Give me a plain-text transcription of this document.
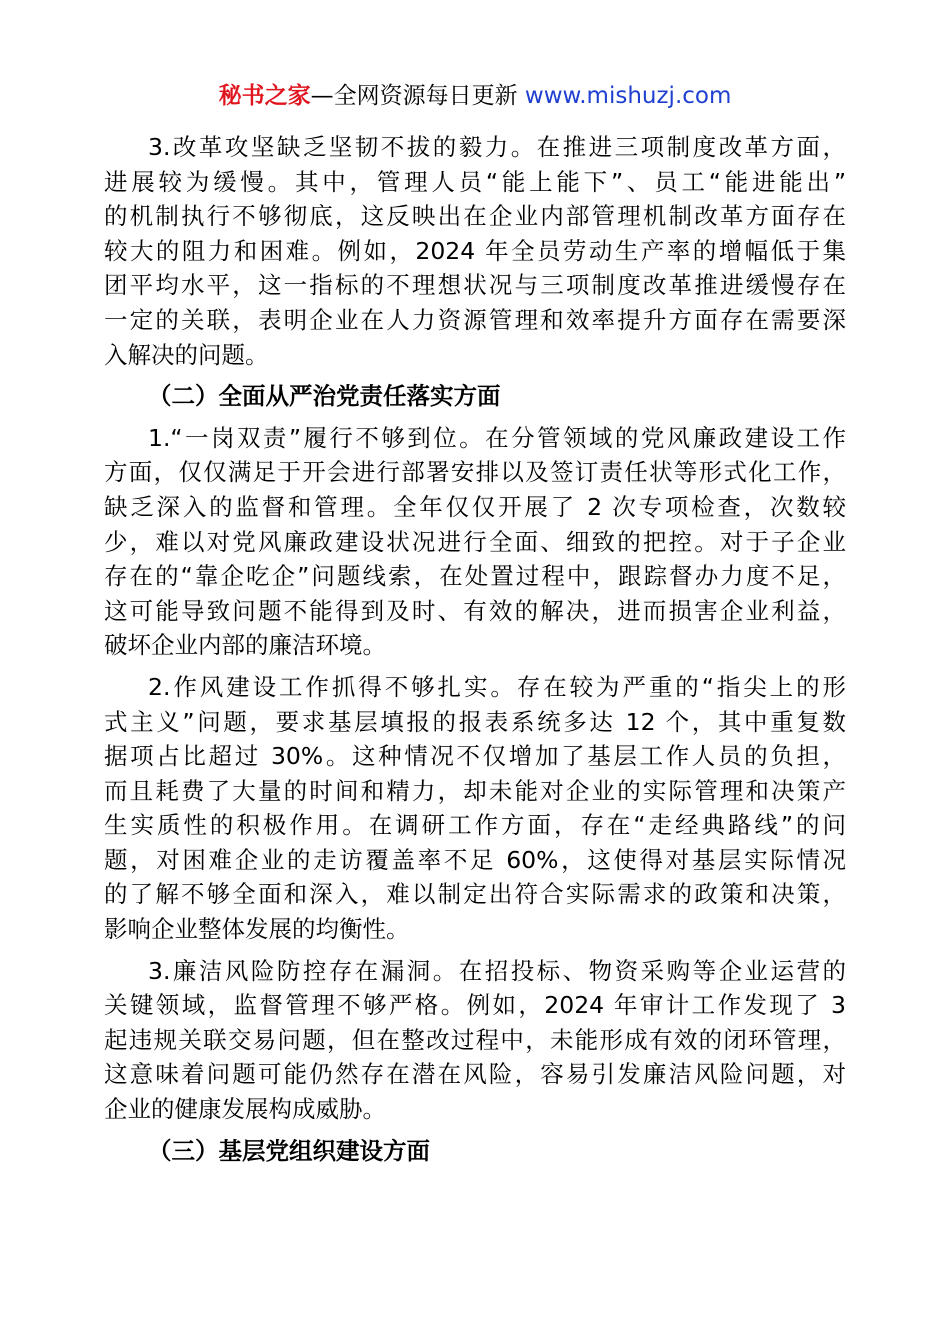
秘书之家—全网资源每日更新 www.mishuzj.com
3.改革攻坚缺乏坚韧不拔的毅力。在推进三项制度改革方面，
进展较为缓慢。其中，管理人员“能上能下”、员工“能进能出”
的机制执行不够彻底，这反映出在企业内部管理机制改革方面存在
较大的阻力和困难。例如，2024 年全员劳动生产率的增幅低于集
团平均水平，这一指标的不理想状况与三项制度改革推进缓慢存在
一定的关联，表明企业在人力资源管理和效率提升方面存在需要深
入解决的问题。
（二）全面从严治党责任落实方面
1.“一岗双责”履行不够到位。在分管领域的党风廉政建设工作
方面，仅仅满足于开会进行部署安排以及签订责任状等形式化工作，
缺乏深入的监督和管理。全年仅仅开展了 2 次专项检查，次数较
少，难以对党风廉政建设状况进行全面、细致的把控。对于子企业
存在的“靠企吃企”问题线索，在处置过程中，跟踪督办力度不足，
这可能导致问题不能得到及时、有效的解决，进而损害企业利益，
破坏企业内部的廉洁环境。
2.作风建设工作抓得不够扎实。存在较为严重的“指尖上的形
式主义”问题，要求基层填报的报表系统多达 12 个，其中重复数
据项占比超过 30%。这种情况不仅增加了基层工作人员的负担，
而且耗费了大量的时间和精力，却未能对企业的实际管理和决策产
生实质性的积极作用。在调研工作方面，存在“走经典路线”的问
题，对困难企业的走访覆盖率不足 60%，这使得对基层实际情况
的了解不够全面和深入，难以制定出符合实际需求的政策和决策，
影响企业整体发展的均衡性。
3.廉洁风险防控存在漏洞。在招投标、物资采购等企业运营的
关键领域，监督管理不够严格。例如，2024 年审计工作发现了 3
起违规关联交易问题，但在整改过程中，未能形成有效的闭环管理，
这意味着问题可能仍然存在潜在风险，容易引发廉洁风险问题，对
企业的健康发展构成威胁。
（三）基层党组织建设方面
